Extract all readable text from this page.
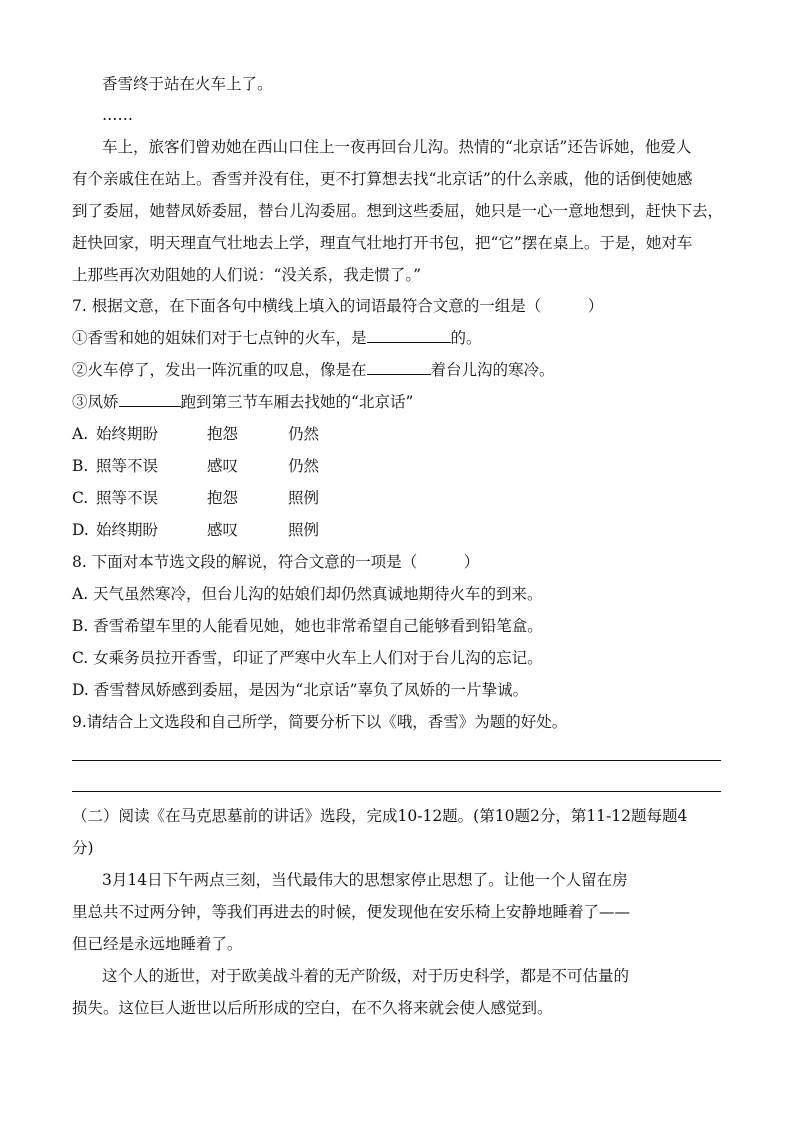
香雪终于站在火车上了。
……
车上，旅客们曾劝她在西山口住上一夜再回台儿沟。热情的“北京话”还告诉她，他爱人
有个亲戚住在站上。香雪并没有住，更不打算想去找“北京话”的什么亲戚，他的话倒使她感
到了委屈，她替凤娇委屈，替台儿沟委屈。想到这些委屈，她只是一心一意地想到，赶快下去，
赶快回家，明天理直气壮地去上学，理直气壮地打开书包，把“它”摆在桌上。于是，她对车
上那些再次劝阻她的人们说：“没关系，我走惯了。”
7. 根据文意，在下面各句中横线上填入的词语最符合文意的一组是（　　　）
①香雪和她的姐妹们对于七点钟的火车，是	的。
②火车停了，发出一阵沉重的叹息，像是在	着台儿沟的寒冷。
③凤娇	跑到第三节车厢去找她的“北京话”
A. 始终期盼	抱怨	仍然
B. 照等不误	感叹	仍然
C. 照等不误	抱怨	照例
D. 始终期盼	感叹	照例
8. 下面对本节选文段的解说，符合文意的一项是（　　　）
A. 天气虽然寒冷，但台儿沟的姑娘们却仍然真诚地期待火车的到来。
B. 香雪希望车里的人能看见她，她也非常希望自己能够看到铅笔盒。
C. 女乘务员拉开香雪，印证了严寒中火车上人们对于台儿沟的忘记。
D. 香雪替凤娇感到委屈，是因为“北京话”辜负了凤娇的一片挚诚。
9.请结合上文选段和自己所学，简要分析下以《哦，香雪》为题的好处。
（二）阅读《在马克思墓前的讲话》选段，完成10-12题。(第10题2分，第11-12题每题4
分)
3月14日下午两点三刻，当代最伟大的思想家停止思想了。让他一个人留在房
里总共不过两分钟，等我们再进去的时候，便发现他在安乐椅上安静地睡着了——
但已经是永远地睡着了。
这个人的逝世，对于欧美战斗着的无产阶级，对于历史科学，都是不可估量的
损失。这位巨人逝世以后所形成的空白，在不久将来就会使人感觉到。
